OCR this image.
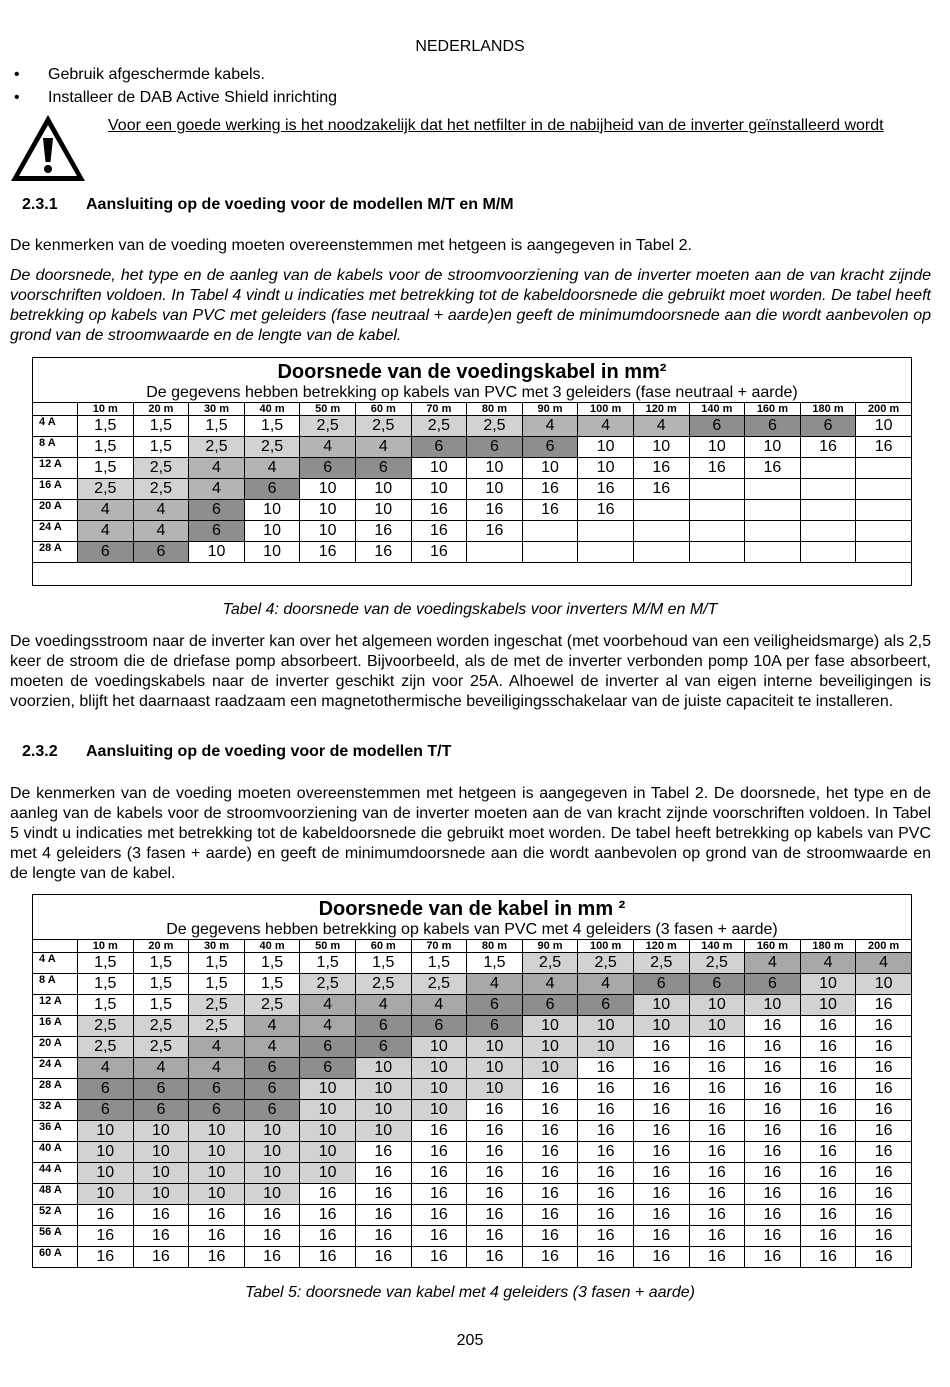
NEDERLANDS
•	Gebruik afgeschermde kabels.
•	Installeer de DAB Active Shield inrichting
Voor een goede werking is het noodzakelijk dat het netfilter in de nabijheid van de inverter geïnstalleerd wordt
2.3.1 Aansluiting op de voeding voor de modellen M/T en M/M
De kenmerken van de voeding moeten overeenstemmen met hetgeen is aangegeven in Tabel 2.
De doorsnede, het type en de aanleg van de kabels voor de stroomvoorziening van de inverter moeten aan de van kracht zijnde voorschriften voldoen. In Tabel 4 vindt u indicaties met betrekking tot de kabeldoorsnede die gebruikt moet worden. De tabel heeft betrekking op kabels van PVC met geleiders (fase neutraal + aarde)en geeft de minimumdoorsnede aan die wordt aanbevolen op grond van de stroomwaarde en de lengte van de kabel.
Doorsnede van de voedingskabel in mm²
De gegevens hebben betrekking op kabels van PVC met 3 geleiders (fase neutraal + aarde)															

	10 m	20 m	30 m	40 m	50 m	60 m	70 m	80 m	90 m	100 m	120 m	140 m	160 m	180 m	200 m
4 A	1,5	1,5	1,5	1,5	2,5	2,5	2,5	2,5	4	4	4	6	6	6	10
8 A	1,5	1,5	2,5	2,5	4	4	6	6	6	10	10	10	10	16	16
12 A	1,5	2,5	4	4	6	6	10	10	10	10	16	16	16		
16 A	2,5	2,5	4	6	10	10	10	10	16	16	16				
20 A	4	4	6	10	10	10	16	16	16	16					
24 A	4	4	6	10	10	16	16	16							
28 A	6	6	10	10	16	16	16								

Tabel 4: doorsnede van de voedingskabels voor inverters M/M en M/T
De voedingsstroom naar de inverter kan over het algemeen worden ingeschat (met voorbehoud van een veiligheidsmarge) als 2,5 keer de stroom die de driefase pomp absorbeert. Bijvoorbeeld, als de met de inverter verbonden pomp 10A per fase absorbeert, moeten de voedingskabels naar de inverter geschikt zijn voor 25A. Alhoewel de inverter al van eigen interne beveiligingen is voorzien, blijft het daarnaast raadzaam een magnetothermische beveiligingsschakelaar van de juiste capaciteit te installeren.
2.3.2 Aansluiting op de voeding voor de modellen T/T
De kenmerken van de voeding moeten overeenstemmen met hetgeen is aangegeven in Tabel 2. De doorsnede, het type en de aanleg van de kabels voor de stroomvoorziening van de inverter moeten aan de van kracht zijnde voorschriften voldoen. In Tabel 5 vindt u indicaties met betrekking tot de kabeldoorsnede die gebruikt moet worden. De tabel heeft betrekking op kabels van PVC met 4 geleiders (3 fasen + aarde) en geeft de minimumdoorsnede aan die wordt aanbevolen op grond van de stroomwaarde en de lengte van de kabel.
Doorsnede van de kabel in mm ²
De gegevens hebben betrekking op kabels van PVC met 4 geleiders (3 fasen + aarde)															

	10 m	20 m	30 m	40 m	50 m	60 m	70 m	80 m	90 m	100 m	120 m	140 m	160 m	180 m	200 m
4 A	1,5	1,5	1,5	1,5	1,5	1,5	1,5	1,5	2,5	2,5	2,5	2,5	4	4	4
8 A	1,5	1,5	1,5	1,5	2,5	2,5	2,5	4	4	4	6	6	6	10	10
12 A	1,5	1,5	2,5	2,5	4	4	4	6	6	6	10	10	10	10	16
16 A	2,5	2,5	2,5	4	4	6	6	6	10	10	10	10	16	16	16
20 A	2,5	2,5	4	4	6	6	10	10	10	10	16	16	16	16	16
24 A	4	4	4	6	6	10	10	10	10	16	16	16	16	16	16
28 A	6	6	6	6	10	10	10	10	16	16	16	16	16	16	16
32 A	6	6	6	6	10	10	10	16	16	16	16	16	16	16	16
36 A	10	10	10	10	10	10	16	16	16	16	16	16	16	16	16
40 A	10	10	10	10	10	16	16	16	16	16	16	16	16	16	16
44 A	10	10	10	10	10	16	16	16	16	16	16	16	16	16	16
48 A	10	10	10	10	16	16	16	16	16	16	16	16	16	16	16
52 A	16	16	16	16	16	16	16	16	16	16	16	16	16	16	16
56 A	16	16	16	16	16	16	16	16	16	16	16	16	16	16	16
60 A	16	16	16	16	16	16	16	16	16	16	16	16	16	16	16
Tabel 5: doorsnede van kabel met 4 geleiders (3 fasen + aarde)
205
